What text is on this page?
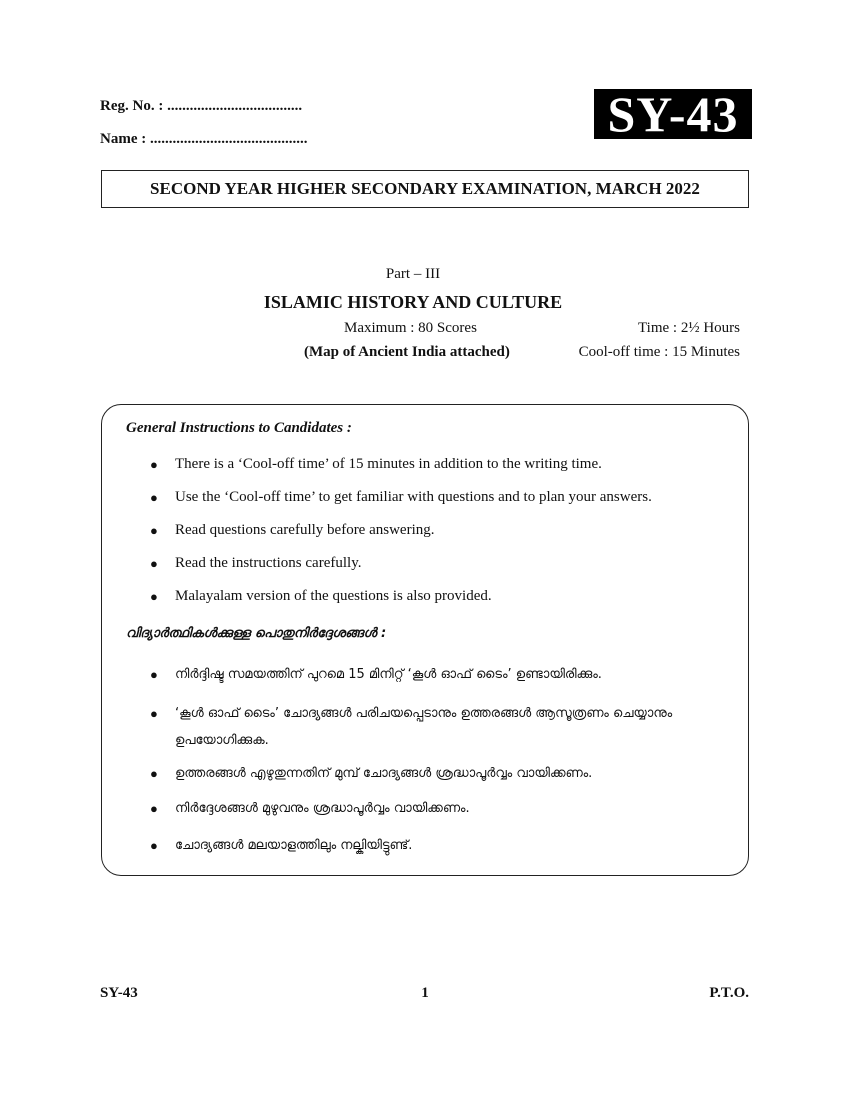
Reg. No. : ....................................
Name : ..........................................	SY-43
SECOND YEAR HIGHER SECONDARY EXAMINATION, MARCH 2022
Part – III
ISLAMIC HISTORY AND CULTURE
Maximum : 80 Scores	Time : 2½ Hours
(Map of Ancient India attached)	Cool-off time : 15 Minutes
General Instructions to Candidates :
● There is a ‘Cool-off time’ of 15 minutes in addition to the writing time.
● Use the ‘Cool-off time’ to get familiar with questions and to plan your answers.
● Read questions carefully before answering.
● Read the instructions carefully.
● Malayalam version of the questions is also provided.
വിദ്യാർത്ഥികൾക്കുള്ള പൊതുനിർദ്ദേശങ്ങൾ :
●	നിർദ്ദിഷ്ട സമയത്തിന് പുറമെ 15 മിനിറ്റ് ‘കൂൾ ഓഫ് ടൈം’ ഉണ്ടായിരിക്കും.
●	‘കൂൾ ഓഫ് ടൈം’ ചോദ്യങ്ങൾ പരിചയപ്പെടാനും ഉത്തരങ്ങൾ ആസൂത്രണം ചെയ്യാനും ഉപയോഗിക്കുക.
●	ഉത്തരങ്ങൾ എഴുതുന്നതിന് മുമ്പ് ചോദ്യങ്ങൾ ശ്രദ്ധാപൂർവ്വം വായിക്കണം.
●	നിർദ്ദേശങ്ങൾ മുഴുവനും ശ്രദ്ധാപൂർവ്വം വായിക്കണം.
●	ചോദ്യങ്ങൾ മലയാളത്തിലും നല്കിയിട്ടുണ്ട്.
SY-43	1	P.T.O.
